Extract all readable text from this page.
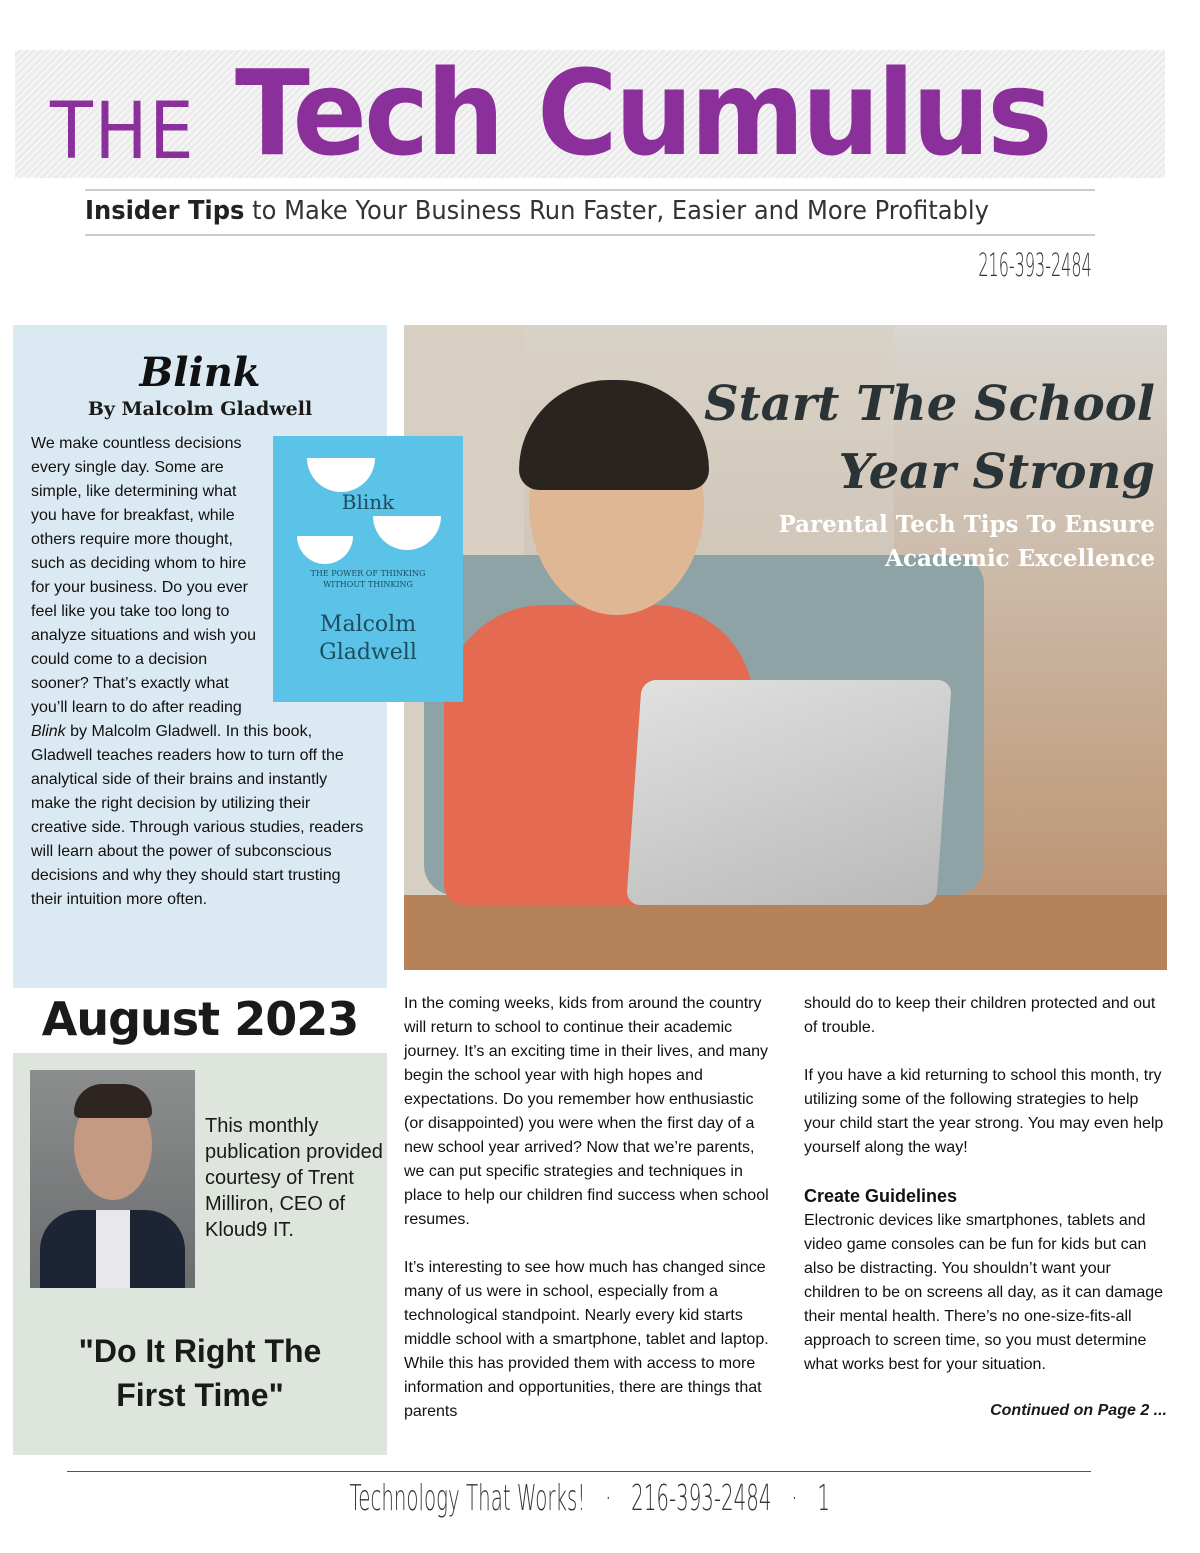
THE Tech Cumulus
Insider Tips to Make Your Business Run Faster, Easier and More Profitably
216-393-2484
Blink
By Malcolm Gladwell
Blink
THE POWER OF THINKING WITHOUT THINKING
Malcolm
Gladwell
We make countless decisions every single day. Some are simple, like determining what you have for breakfast, while others require more thought, such as deciding whom to hire for your business. Do you ever feel like you take too long to analyze situations and wish you could come to a decision sooner? That’s exactly what you’ll learn to do after reading Blink by Malcolm Gladwell. In this book, Gladwell teaches readers how to turn off the analytical side of their brains and instantly make the right decision by utilizing their creative side. Through various studies, readers will learn about the power of subconscious decisions and why they should start trusting their intuition more often.
Start The School
Year Strong
Parental Tech Tips To Ensure
Academic Excellence
August 2023
This monthly publication provided courtesy of Trent Milliron, CEO of Kloud9 IT.
"Do It Right The
First Time"

In the coming weeks, kids from around the country will return to school to continue their academic journey. It’s an exciting time in their lives, and many begin the school year with high hopes and expectations. Do you remember how enthusiastic (or disappointed) you were when the first day of a new school year arrived? Now that we’re parents, we can put specific strategies and techniques in place to help our children find success when school resumes.

It’s interesting to see how much has changed since many of us were in school, especially from a technological standpoint. Nearly every kid starts middle school with a smartphone, tablet and laptop. While this has provided them with access to more information and opportunities, there are things that parents

should do to keep their children protected and out of trouble.

If you have a kid returning to school this month, try utilizing some of the following strategies to help your child start the year strong. You may even help yourself along the way!

Create Guidelines

Electronic devices like smartphones, tablets and video game consoles can be fun for kids but can also be distracting. You shouldn’t want your children to be on screens all day, as it can damage their mental health. There’s no one-size-fits-all approach to screen time, so you must determine what works best for your situation.

Continued on Page 2 ...
Technology That Works! · 216-393-2484 · 1
